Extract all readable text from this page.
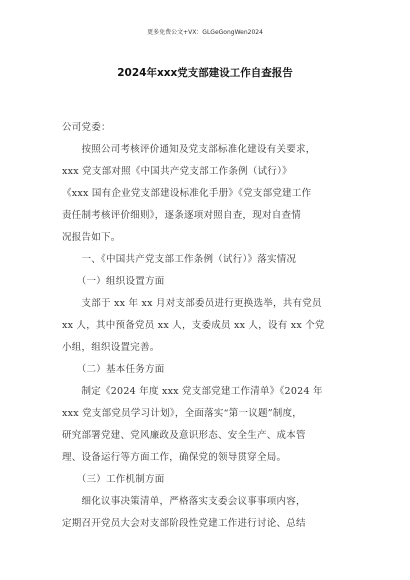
更多免费公文+VX：GLGeGongWen2024
2024年xxx党支部建设工作自查报告
公司党委：
　　按照公司考核评价通知及党支部标准化建设有关要求，
xxx 党支部对照《中国共产党支部工作条例（试行）》
《xxx 国有企业党支部建设标准化手册》《党支部党建工作
责任制考核评价细则》，逐条逐项对照自查，现对自查情
况报告如下。
　　一、《中国共产党支部工作条例（试行）》落实情况
　　（一）组织设置方面
　　支部于 xx 年 xx 月对支部委员进行更换选举，共有党员
xx 人，其中预备党员 xx 人，支委成员 xx 人，设有 xx 个党
小组，组织设置完善。
　　（二）基本任务方面
　　制定《2024 年度 xxx 党支部党建工作清单》《2024 年
xxx 党支部党员学习计划》，全面落实“第一议题”制度，
研究部署党建、党风廉政及意识形态、安全生产、成本管
理、设备运行等方面工作，确保党的领导贯穿全局。
　　（三）工作机制方面
　　细化议事决策清单，严格落实支委会议事事项内容，
定期召开党员大会对支部阶段性党建工作进行讨论、总结
